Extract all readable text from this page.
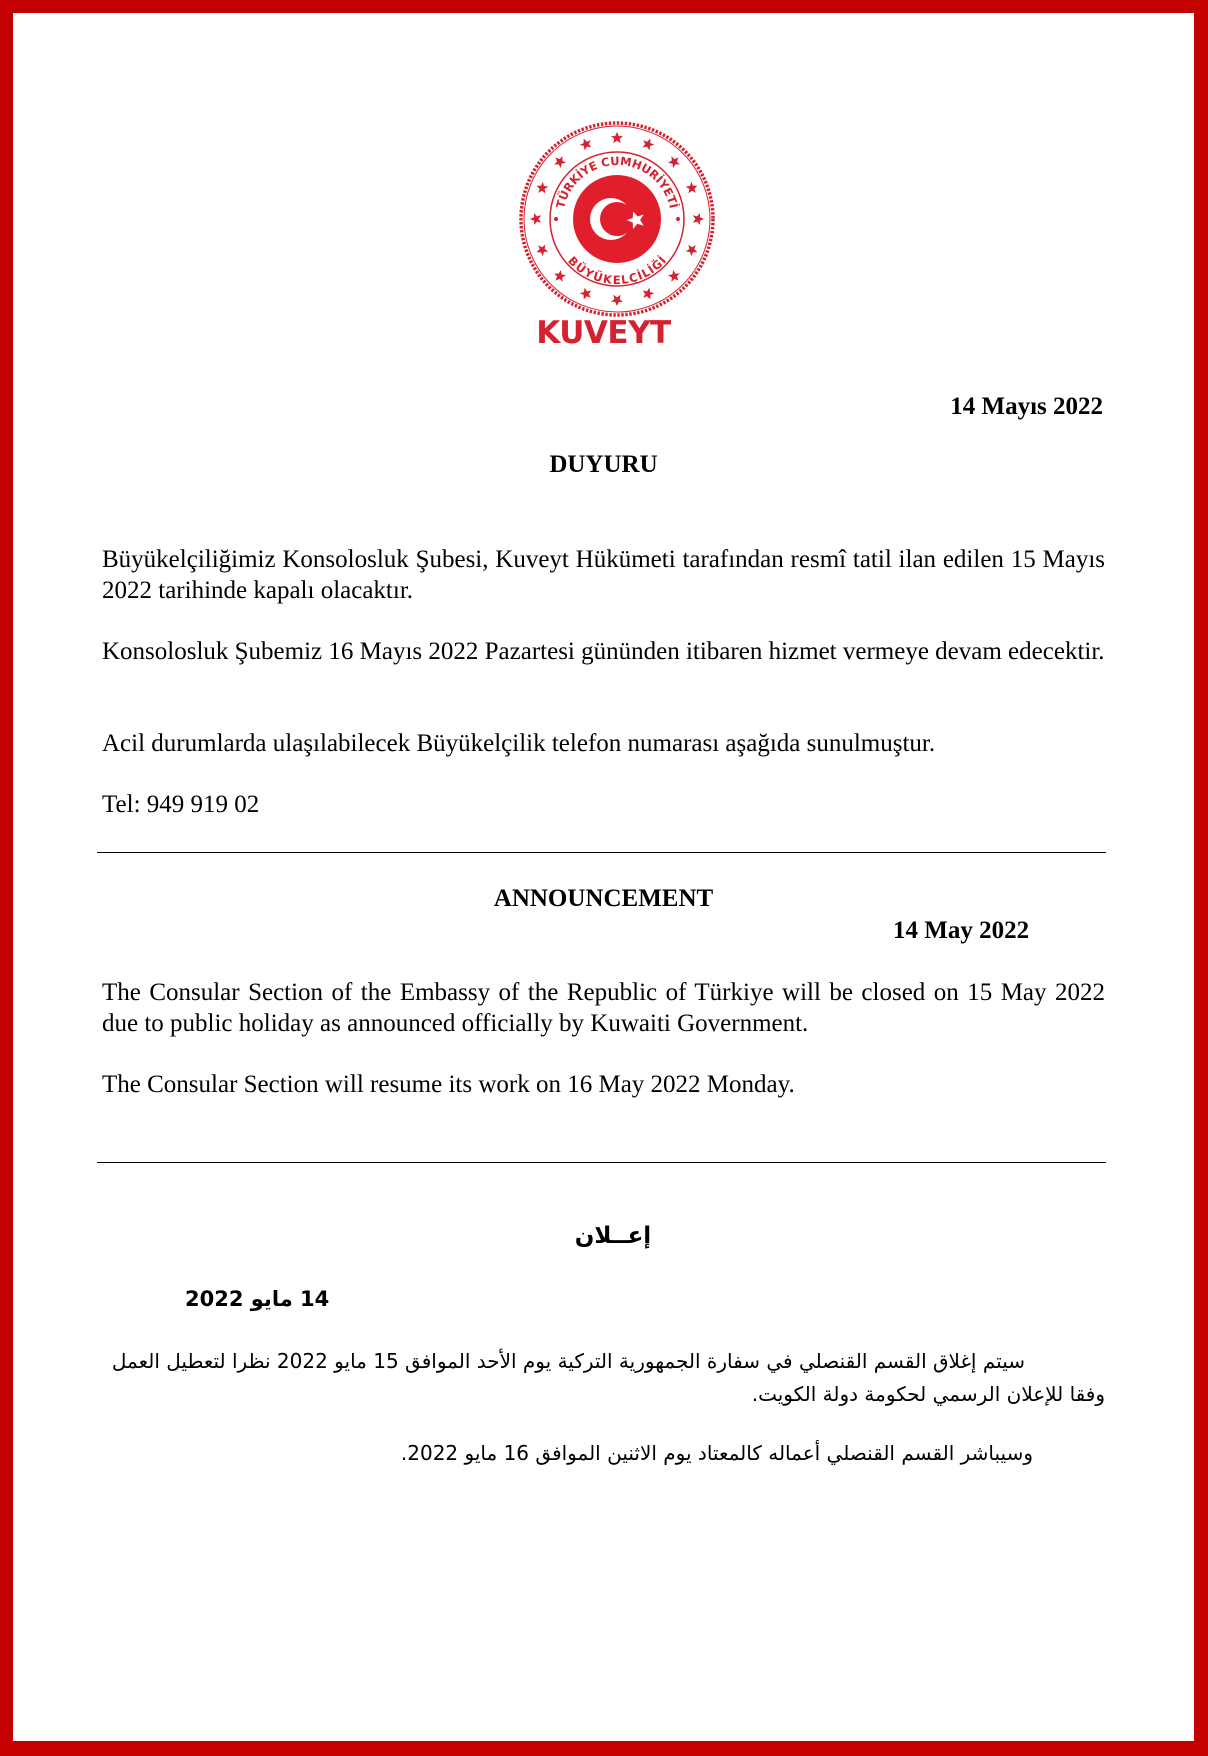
TÜRKİYE CUMHURİYETİ
BÜYÜKELÇİLİĞİ
KUVEYT
14 Mayıs 2022
DUYURU

Büyükelçiliğimiz Konsolosluk Şubesi, Kuveyt Hükümeti tarafından resmî tatil ilan edilen 15 Mayıs 2022 tarihinde kapalı olacaktır.

Konsolosluk Şubemiz 16 Mayıs 2022 Pazartesi gününden itibaren hizmet vermeye devam edecektir.

Acil durumlarda ulaşılabilecek Büyükelçilik telefon numarası aşağıda sunulmuştur.

Tel: 949 919 02

ANNOUNCEMENT
14 May 2022

The Consular Section of the Embassy of the Republic of Türkiye will be closed on 15 May 2022 due to public holiday as announced officially by Kuwaiti Government.

The Consular Section will resume its work on 16 May 2022 Monday.

إعــلان
14 مايو 2022

سيتم إغلاق القسم القنصلي في سفارة الجمهورية التركية يوم الأحد الموافق 15 مايو 2022 نظرا لتعطيل العمل وفقا للإعلان الرسمي لحكومة دولة الكويت.

وسيباشر القسم القنصلي أعماله كالمعتاد يوم الاثنين الموافق 16 مايو 2022.
